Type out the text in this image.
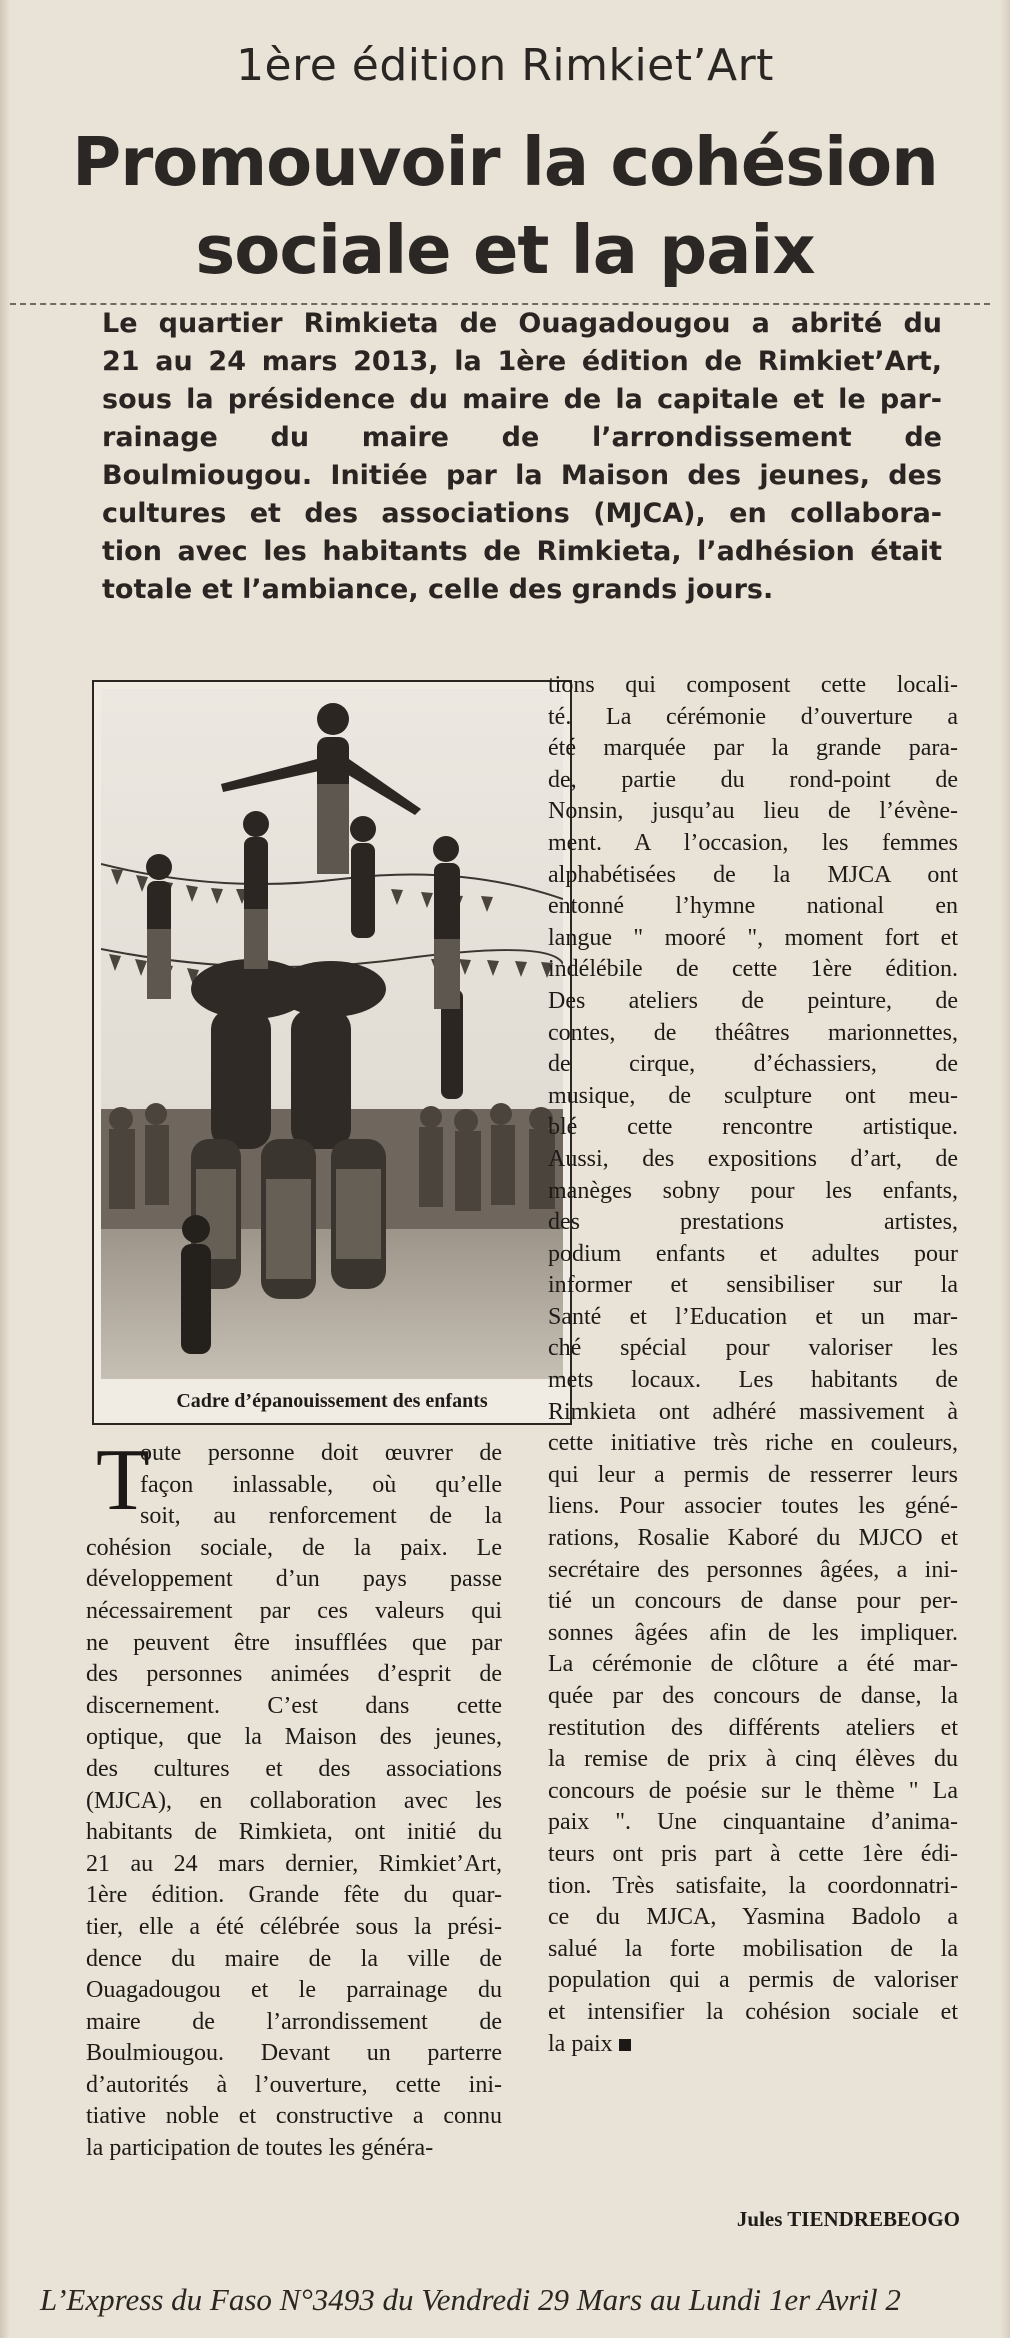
1ère édition Rimkiet’Art
Promouvoir la cohésion
sociale et la paix
Le quartier Rimkieta de Ouagadougou a abrité du
21 au 24 mars 2013, la 1ère édition de Rimkiet’Art,
sous la présidence du maire de la capitale et le par-
rainage du maire de l’arrondissement de
Boulmiougou. Initiée par la Maison des jeunes, des
cultures et des associations (MJCA), en collabora-
tion avec les habitants de Rimkieta, l’adhésion était
totale et l’ambiance, celle des grands jours.
Cadre d’épanouissement des enfants
T
oute personne doit œuvrer de
façon inlassable, où qu’elle
soit, au renforcement de la
cohésion sociale, de la paix. Le
développement d’un pays passe
nécessairement par ces valeurs qui
ne peuvent être insufflées que par
des personnes animées d’esprit de
discernement. C’est dans cette
optique, que la Maison des jeunes,
des cultures et des associations
(MJCA), en collaboration avec les
habitants de Rimkieta, ont initié du
21 au 24 mars dernier, Rimkiet’Art,
1ère édition. Grande fête du quar-
tier, elle a été célébrée sous la prési-
dence du maire de la ville de
Ouagadougou et le parrainage du
maire de l’arrondissement de
Boulmiougou. Devant un parterre
d’autorités à l’ouverture, cette ini-
tiative noble et constructive a connu
la participation de toutes les généra-
tions qui composent cette locali-
té. La cérémonie d’ouverture a
été marquée par la grande para-
de, partie du rond-point de
Nonsin, jusqu’au lieu de l’évène-
ment. A l’occasion, les femmes
alphabétisées de la MJCA ont
entonné l’hymne national en
langue " mooré ", moment fort et
indélébile de cette 1ère édition.
Des ateliers de peinture, de
contes, de théâtres marionnettes,
de cirque, d’échassiers, de
musique, de sculpture ont meu-
blé cette rencontre artistique.
Aussi, des expositions d’art, de
manèges sobny pour les enfants,
des prestations artistes,
podium enfants et adultes pour
informer et sensibiliser sur la
Santé et l’Education et un mar-
ché spécial pour valoriser les
mets locaux. Les habitants de
Rimkieta ont adhéré massivement à
cette initiative très riche en couleurs,
qui leur a permis de resserrer leurs
liens. Pour associer toutes les géné-
rations, Rosalie Kaboré du MJCO et
secrétaire des personnes âgées, a ini-
tié un concours de danse pour per-
sonnes âgées afin de les impliquer.
La cérémonie de clôture a été mar-
quée par des concours de danse, la
restitution des différents ateliers et
la remise de prix à cinq élèves du
concours de poésie sur le thème " La
paix ". Une cinquantaine d’anima-
teurs ont pris part à cette 1ère édi-
tion. Très satisfaite, la coordonnatri-
ce du MJCA, Yasmina Badolo a
salué la forte mobilisation de la
population qui a permis de valoriser
et intensifier la cohésion sociale et
la paix
Jules TIENDREBEOGO
L’Express du Faso N°3493 du Vendredi 29 Mars au Lundi 1er Avril 2
